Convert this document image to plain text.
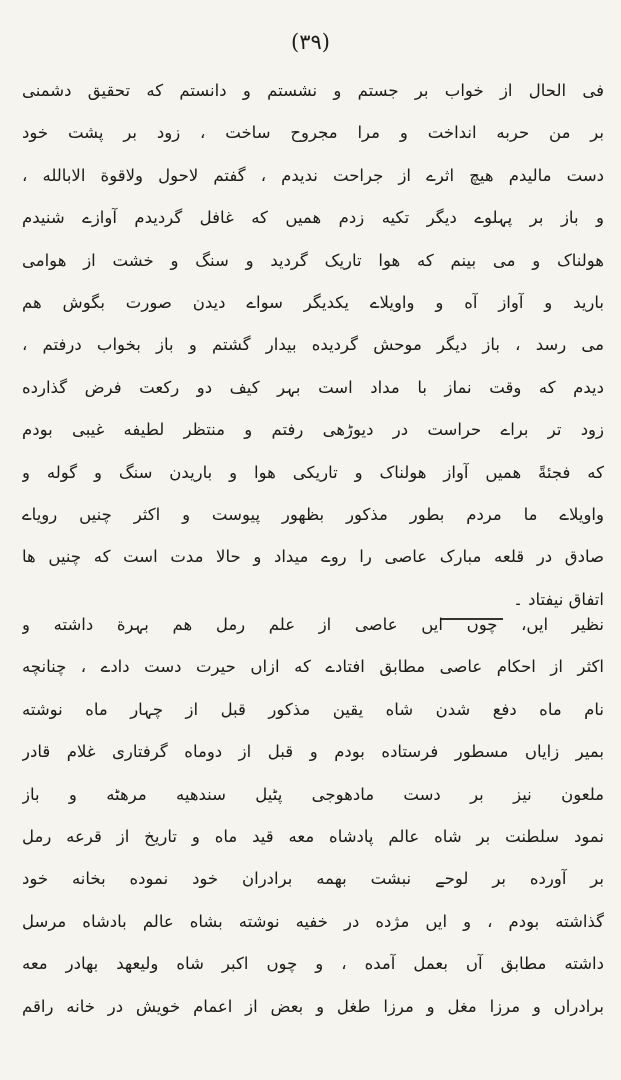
(۳۹)
فی الحال از خواب بر جستم و نشستم و دانستم که تحقیق دشمنی
بر من حربه انداخت و مرا مجروح ساخت ، زود بر پشت خود
دست مالیدم هیچ اثرے از جراحت ندیدم ، گفتم لاحول ولاقوة الابالله ،
و باز بر پہلوے دیگر تکیه زدم همیں که غافل گردیدم آوازے شنیدم
هولناک و می بینم که هوا تاریک گردید و سنگ و خشت از هوامی
بارید و آواز آه و واویلاے یکدیگر سواے دیدن صورت بگوش هم
می رسد ، باز دیگر موحش گردیده بیدار گشتم و باز بخواب درفتم ،
دیدم که وقت نماز با مداد است بہر کیف دو رکعت فرض گذارده
زود تر براے حراست در دیوڑهی رفتم و منتظر لطیفه غیبی بودم
که فجئةً همیں آواز هولناک و تاریکی هوا و باریدن سنگ و گوله و
واویلاے ما مردم بطور مذکور بظهور پیوست و اکثر چنیں رویاے
صادق در قلعه مبارک عاصی را روے میداد و حالا مدت است که چنیں ها
اتفاق نیفتاد ۔
نظیر ایں، چوں ایں عاصی از علم رمل هم بہرة داشته و
اکثر از احکام عاصی مطابق افتادے که ازاں حیرت دست دادے ، چنانچه
نام ماه دفع شدن شاه یقین مذکور قبل از چہار ماه نوشته
بمیر زایاں مسطور فرستاده بودم و قبل از دوماه گرفتاری غلام قادر
ملعون نیز بر دست مادهوجی پٹیل سندهیه مرهٹه و باز
نمود سلطنت بر شاه عالم پادشاه معه قید ماه و تاریخ از قرعه رمل
بر آورده بر لوحے نبشت بهمه برادران خود نموده بخانه خود
گذاشته بودم ، و ایں مژده در خفیه نوشته بشاه عالم بادشاه مرسل
داشته مطابق آں بعمل آمده ، و چوں اکبر شاه ولیعهد بهادر معه
برادراں و مرزا مغل و مرزا طغل و بعض از اعمام خویش در خانه راقم
